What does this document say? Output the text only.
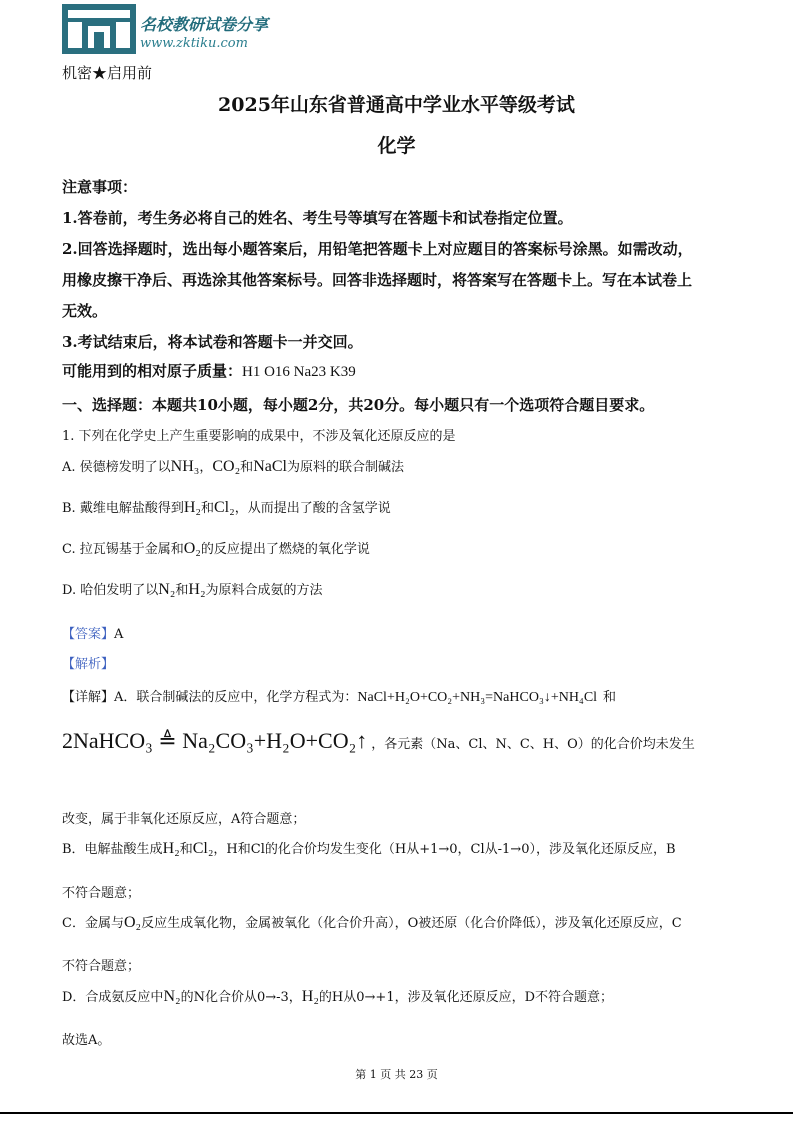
名校教研试卷分享
www.zktiku.com
机密★启用前
2025年山东省普通高中学业水平等级考试
化学
注意事项：
1.答卷前，考生务必将自己的姓名、考生号等填写在答题卡和试卷指定位置。
2.回答选择题时，选出每小题答案后，用铅笔把答题卡上对应题目的答案标号涂黑。如需改动，
用橡皮擦干净后、再选涂其他答案标号。回答非选择题时，将答案写在答题卡上。写在本试卷上
无效。
3.考试结束后，将本试卷和答题卡一并交回。
可能用到的相对原子质量：H1 O16 Na23 K39
一、选择题：本题共10小题，每小题2分，共20分。每小题只有一个选项符合题目要求。
1. 下列在化学史上产生重要影响的成果中，不涉及氧化还原反应的是
A. 侯德榜发明了以NH₃，CO₂和NaCl为原料的联合制碱法
B. 戴维电解盐酸得到H₂和Cl₂，从而提出了酸的含氢学说
C. 拉瓦锡基于金属和O₂的反应提出了燃烧的氧化学说
D. 哈伯发明了以N₂和H₂为原料合成氨的方法
【答案】A
【解析】
【详解】A．联合制碱法的反应中，化学方程式为：NaCl+H₂O+CO₂+NH₃=NaHCO₃↓+NH₄Cl 和
2NaHCO₃ ≜ Na₂CO₃+H₂O+CO₂↑ ，各元素（Na、Cl、N、C、H、O）的化合价均未发生
改变，属于非氧化还原反应，A符合题意；
B．电解盐酸生成H₂和Cl₂，H和Cl的化合价均发生变化（H从+1→0，Cl从-1→0），涉及氧化还原反应，B
不符合题意；
C．金属与O₂反应生成氧化物，金属被氧化（化合价升高），O被还原（化合价降低），涉及氧化还原反应，C
不符合题意；
D．合成氨反应中N₂的N化合价从0→-3，H₂的H从0→+1，涉及氧化还原反应，D不符合题意；
故选A。
第 1 页 共 23 页
